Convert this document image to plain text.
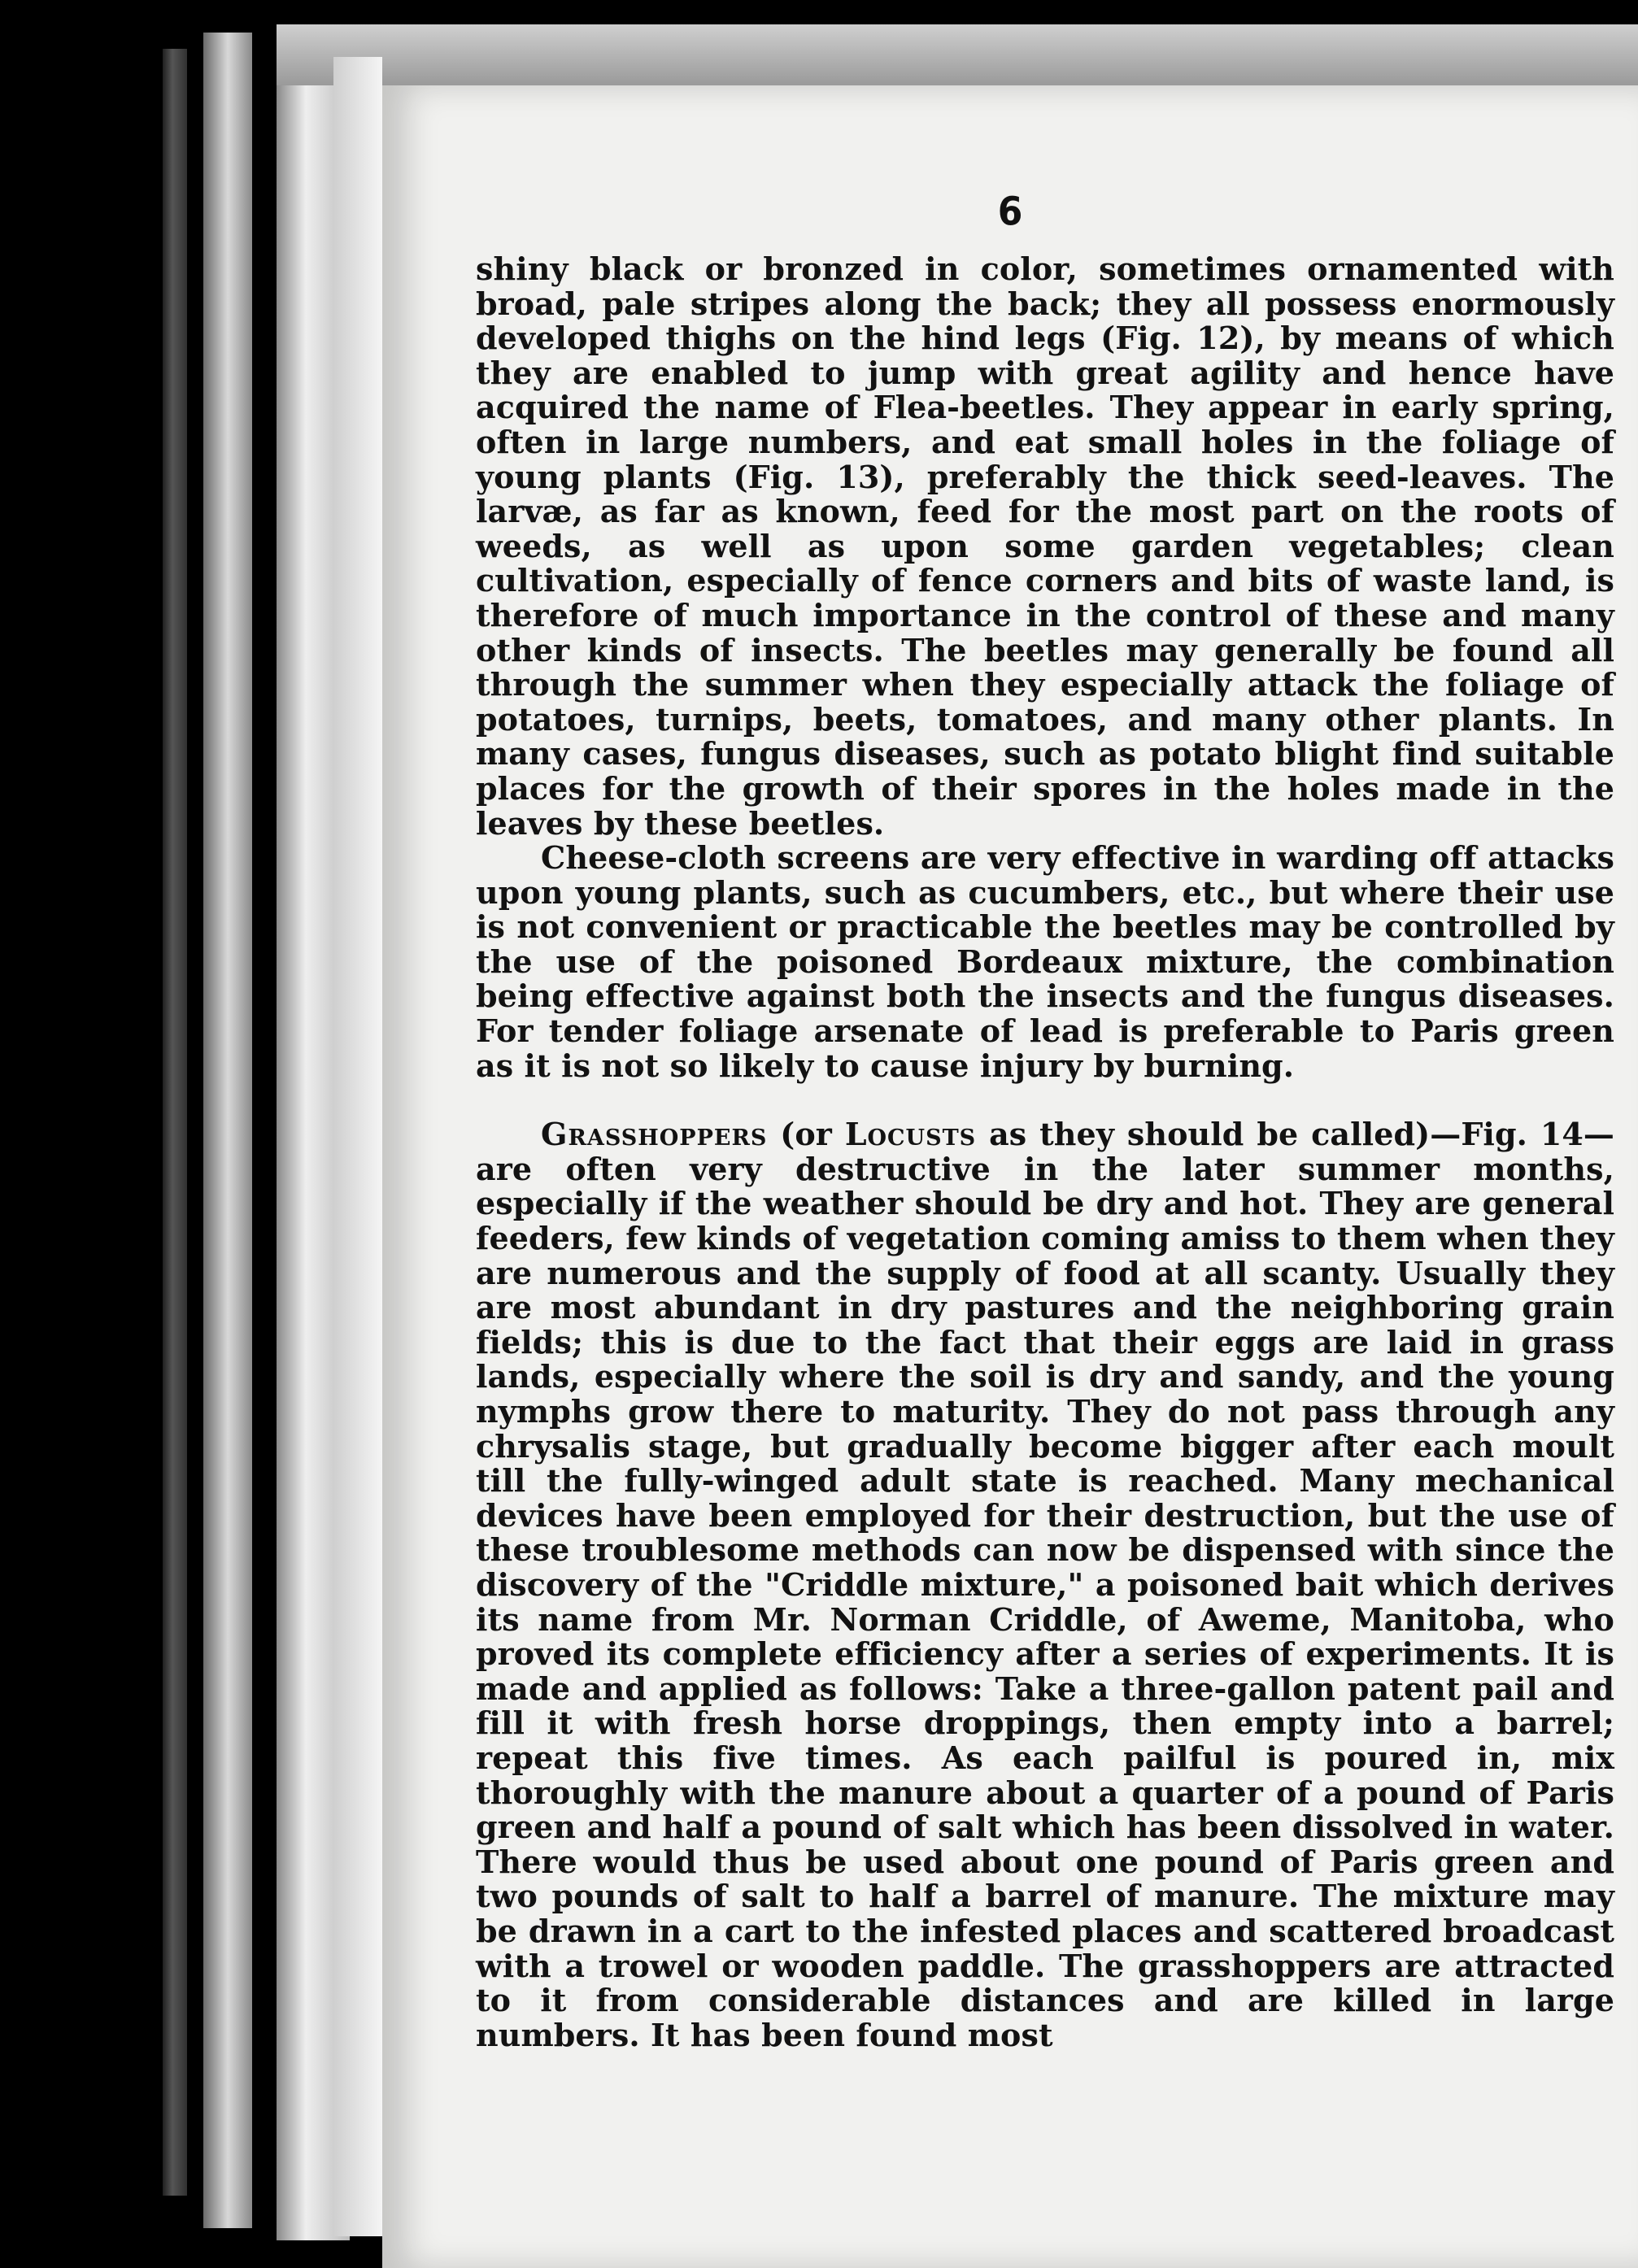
6

shiny black or bronzed in color, sometimes ornamented with broad, pale stripes along the back; they all possess enormously developed thighs on the hind legs (Fig. 12), by means of which they are enabled to jump with great agility and hence have acquired the name of Flea-beetles. They appear in early spring, often in large numbers, and eat small holes in the foliage of young plants (Fig. 13), preferably the thick seed-leaves. The larvæ, as far as known, feed for the most part on the roots of weeds, as well as upon some garden vegetables; clean cultivation, especially of fence corners and bits of waste land, is therefore of much importance in the control of these and many other kinds of insects. The beetles may generally be found all through the summer when they especially attack the foliage of potatoes, turnips, beets, tomatoes, and many other plants. In many cases, fungus diseases, such as potato blight find suitable places for the growth of their spores in the holes made in the leaves by these beetles.

Cheese-cloth screens are very effective in warding off attacks upon young plants, such as cucumbers, etc., but where their use is not convenient or practicable the beetles may be controlled by the use of the poisoned Bordeaux mixture, the combination being effective against both the insects and the fungus diseases. For tender foliage arsenate of lead is preferable to Paris green as it is not so likely to cause injury by burning.

Grasshoppers (or Locusts as they should be called)—Fig. 14—are often very destructive in the later summer months, especially if the weather should be dry and hot. They are general feeders, few kinds of vegetation coming amiss to them when they are numerous and the supply of food at all scanty. Usually they are most abundant in dry pastures and the neighboring grain fields; this is due to the fact that their eggs are laid in grass lands, especially where the soil is dry and sandy, and the young nymphs grow there to maturity. They do not pass through any chrysalis stage, but gradually become bigger after each moult till the fully-winged adult state is reached. Many mechanical devices have been employed for their destruction, but the use of these troublesome methods can now be dispensed with since the discovery of the "Criddle mixture," a poisoned bait which derives its name from Mr. Norman Criddle, of Aweme, Manitoba, who proved its complete efficiency after a series of experiments. It is made and applied as follows: Take a three-gallon patent pail and fill it with fresh horse droppings, then empty into a barrel; repeat this five times. As each pailful is poured in, mix thoroughly with the manure about a quarter of a pound of Paris green and half a pound of salt which has been dissolved in water. There would thus be used about one pound of Paris green and two pounds of salt to half a barrel of manure. The mixture may be drawn in a cart to the infested places and scattered broadcast with a trowel or wooden paddle. The grasshoppers are attracted to it from considerable distances and are killed in large numbers. It has been found most
